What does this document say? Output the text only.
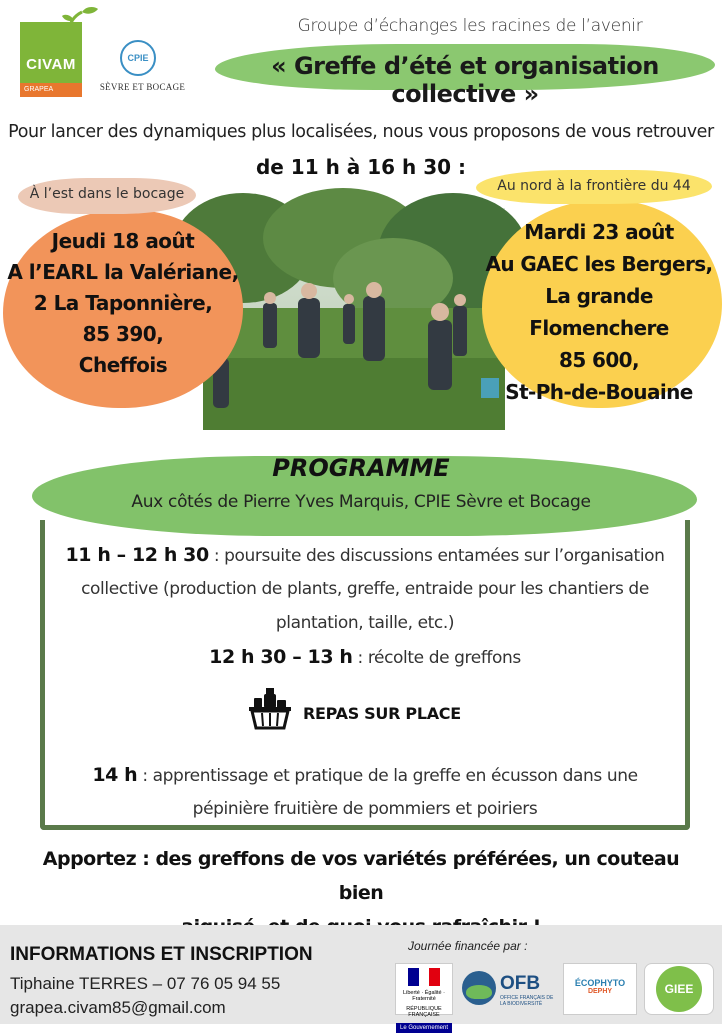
CIVAM
GRAPEA
CPIE
SÈVRE ET BOCAGE
Groupe d’échanges les racines de l’avenir
« Greffe d’été et organisation collective »
Pour lancer des dynamiques plus localisées, nous vous proposons de vous retrouver
de 11 h à 16 h 30 :
À l’est dans le bocage
Jeudi 18 août
A l’EARL la Valériane,
2 La Taponnière,
85 390,
Cheffois
Au nord à la frontière du 44
Mardi 23 août
Au GAEC les Bergers,
La grande Flomenchere
85 600,
St-Ph-de-Bouaine
PROGRAMME
Aux côtés de Pierre Yves Marquis, CPIE Sèvre et Bocage
11 h – 12 h 30 : poursuite des discussions entamées sur l’organisation
collective (production de plants, greffe, entraide pour les chantiers de
plantation, taille, etc.)
12 h 30 – 13 h : récolte de greffons
REPAS SUR PLACE
14 h : apprentissage et pratique de la greffe en écusson dans une
pépinière fruitière de pommiers et poiriers
Apportez : des greffons de vos variétés préférées, un couteau bien
INFORMATIONS ET INSCRIPTION
Tiphaine TERRES – 07 76 05 94 55
grapea.civam85@gmail.com
Journée financée par :
Liberté · Égalité · Fraternité
RÉPUBLIQUE FRANÇAISE
Le Gouvernement
OFB
OFFICE FRANÇAIS DE LA BIODIVERSITÉ
ÉCOPHYTO
DEPHY	GIEE
